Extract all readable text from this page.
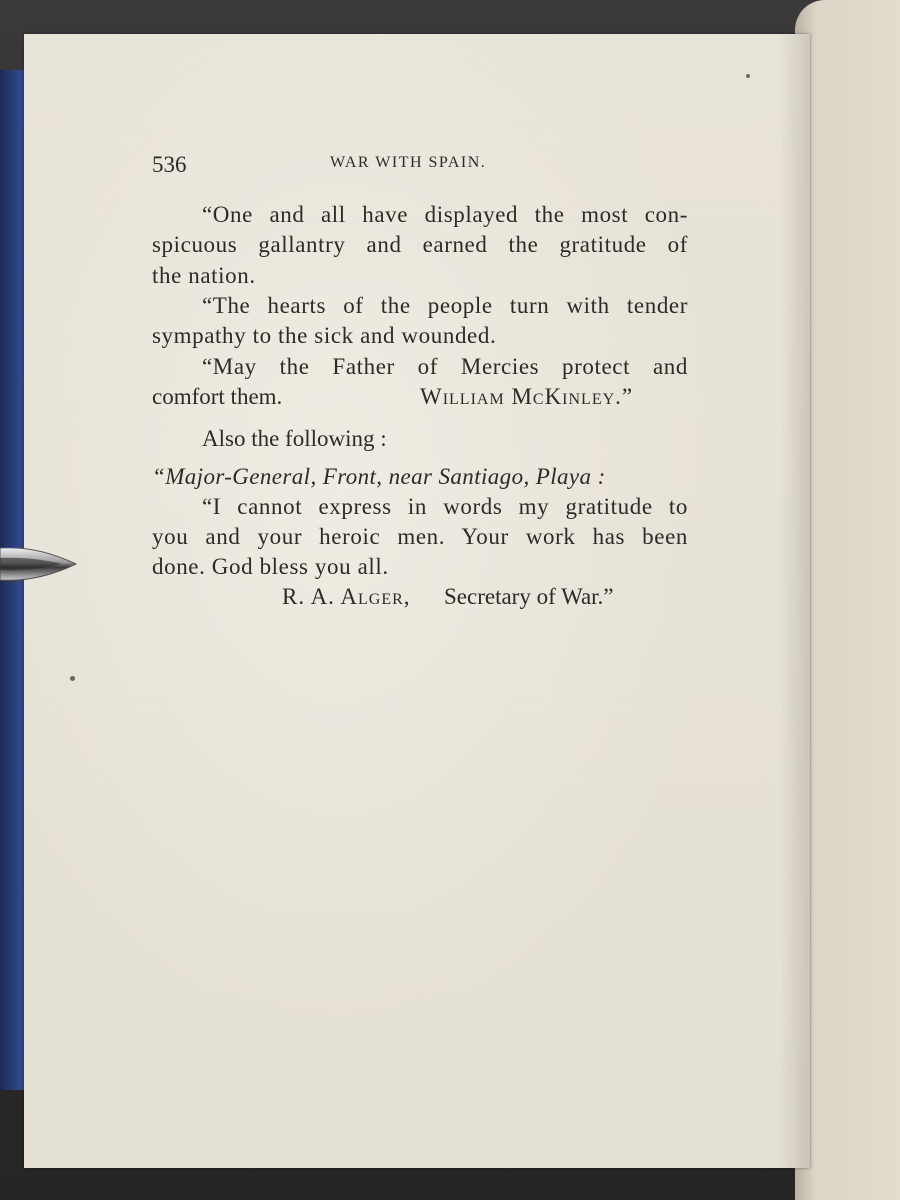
536	WAR WITH SPAIN.
“One and all have displayed the most con-
spicuous gallantry and earned the gratitude of
the nation.
“The hearts of the people turn with tender
sympathy to the sick and wounded.
“May the Father of Mercies protect and
comfort them.	William McKinley.”
Also the following :
“Major-General, Front, near Santiago, Playa :
“I cannot express in words my gratitude to
you and your heroic men. Your work has been
done. God bless you all.
R. A. Alger, Secretary of War.”
